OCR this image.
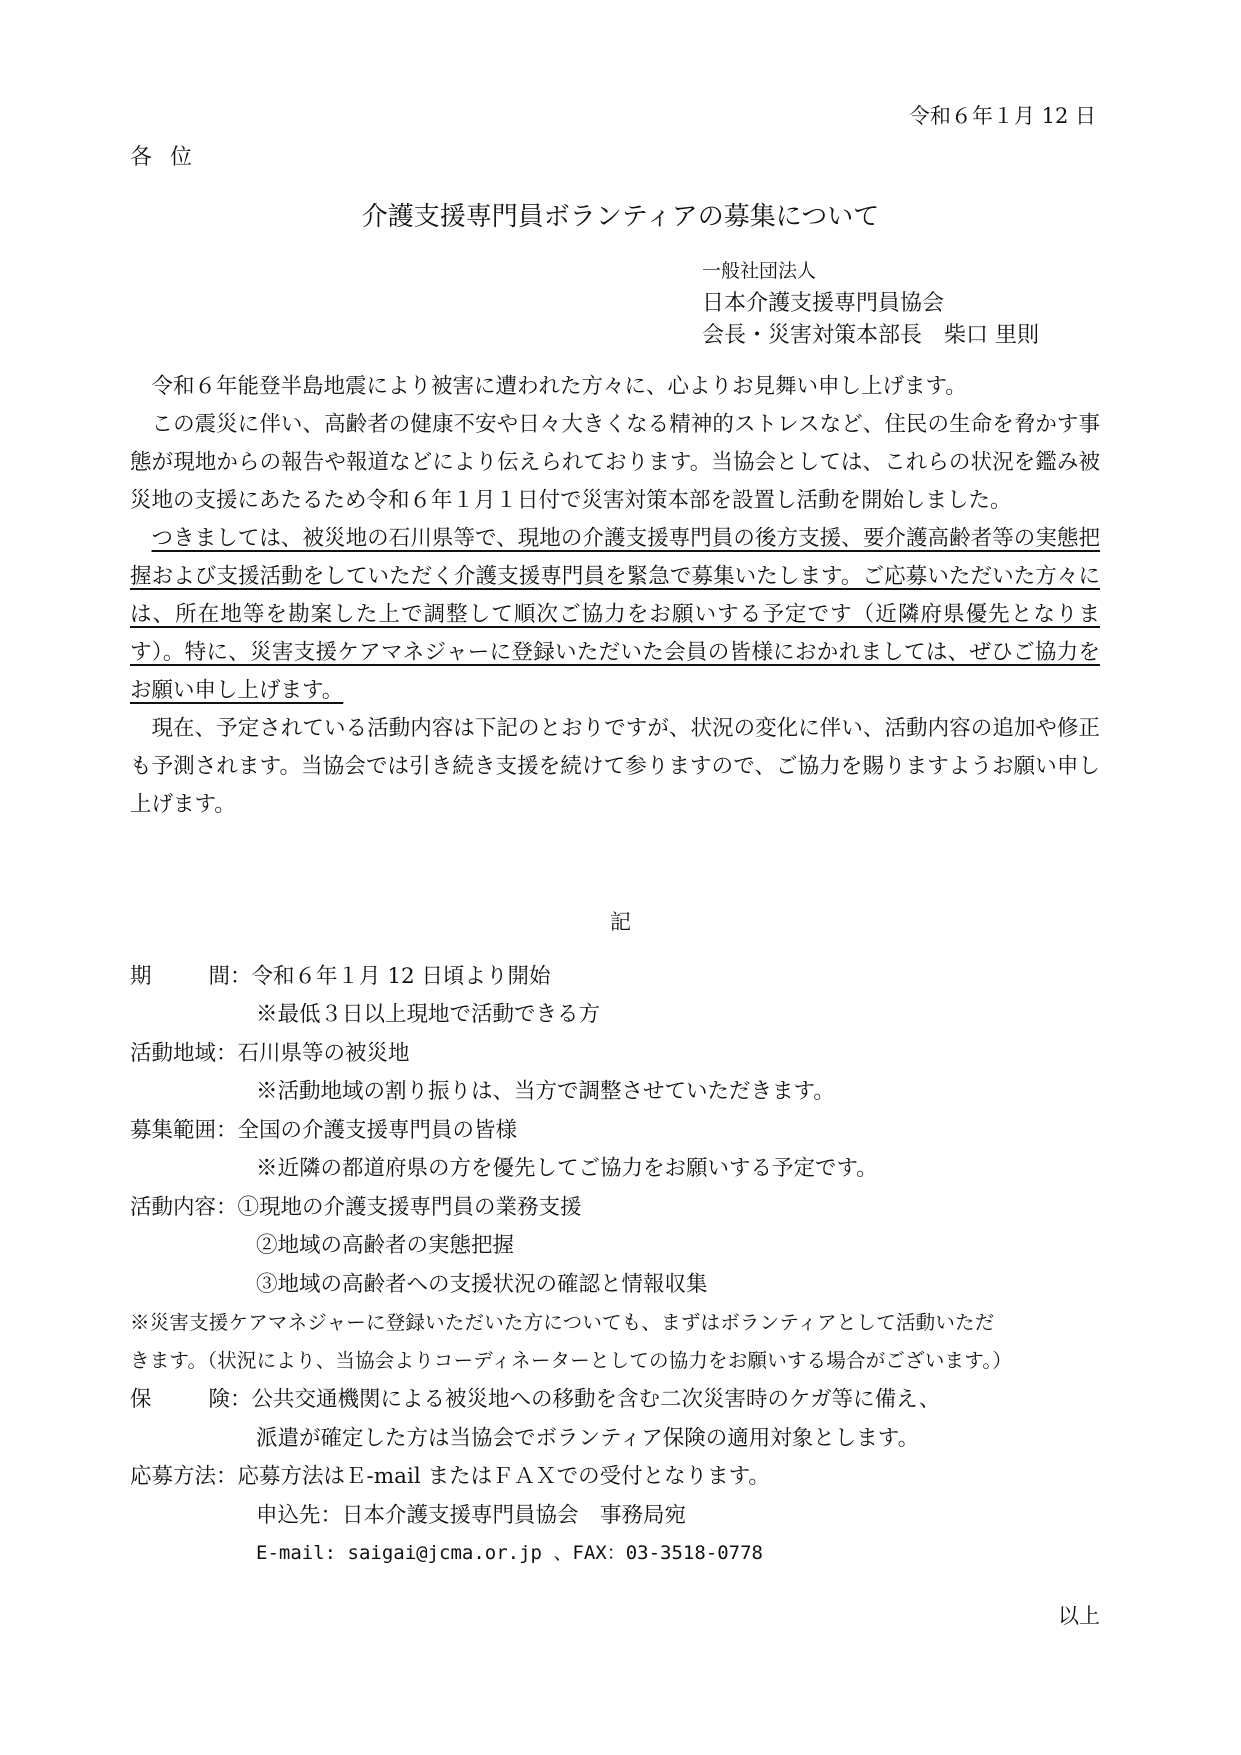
令和６年１月 12 日
各位
介護支援専門員ボランティアの募集について
一般社団法人
日本介護支援専門員協会
会長・災害対策本部長　柴口 里則

令和６年能登半島地震により被害に遭われた方々に、心よりお見舞い申し上げます。

この震災に伴い、高齢者の健康不安や日々大きくなる精神的ストレスなど、住民の生命を脅かす事態が現地からの報告や報道などにより伝えられております。当協会としては、これらの状況を鑑み被災地の支援にあたるため令和６年１月１日付で災害対策本部を設置し活動を開始しました。

つきましては、被災地の石川県等で、現地の介護支援専門員の後方支援、要介護高齢者等の実態把握および支援活動をしていただく介護支援専門員を緊急で募集いたします。ご応募いただいた方々には、所在地等を勘案した上で調整して順次ご協力をお願いする予定です（近隣府県優先となります）。特に、災害支援ケアマネジャーに登録いただいた会員の皆様におかれましては、ぜひご協力をお願い申し上げます。

現在、予定されている活動内容は下記のとおりですが、状況の変化に伴い、活動内容の追加や修正も予測されます。当協会では引き続き支援を続けて参りますので、ご協力を賜りますようお願い申し上げます。

記
期	間 ：令和６年１月 12 日頃より開始
※最低３日以上現地で活動できる方
活動地域： 石川県等の被災地
※活動地域の割り振りは、当方で調整させていただきます。
募集範囲： 全国の介護支援専門員の皆様
※近隣の都道府県の方を優先してご協力をお願いする予定です。
活動内容： ①現地の介護支援専門員の業務支援
②地域の高齢者の実態把握
③地域の高齢者への支援状況の確認と情報収集
※災害支援ケアマネジャーに登録いただいた方についても、まずはボランティアとして活動いただ
きます。（状況により、当協会よりコーディネーターとしての協力をお願いする場合がございます。）
保	険 ：公共交通機関による被災地への移動を含む二次災害時のケガ等に備え、
派遣が確定した方は当協会でボランティア保険の適用対象とします。
応募方法： 応募方法はＥ-mail またはＦＡＸでの受付となります。
申込先：日本介護支援専門員協会　事務局宛
E-mail: saigai@jcma.or.jp 、FAX：03-3518-0778
以上
